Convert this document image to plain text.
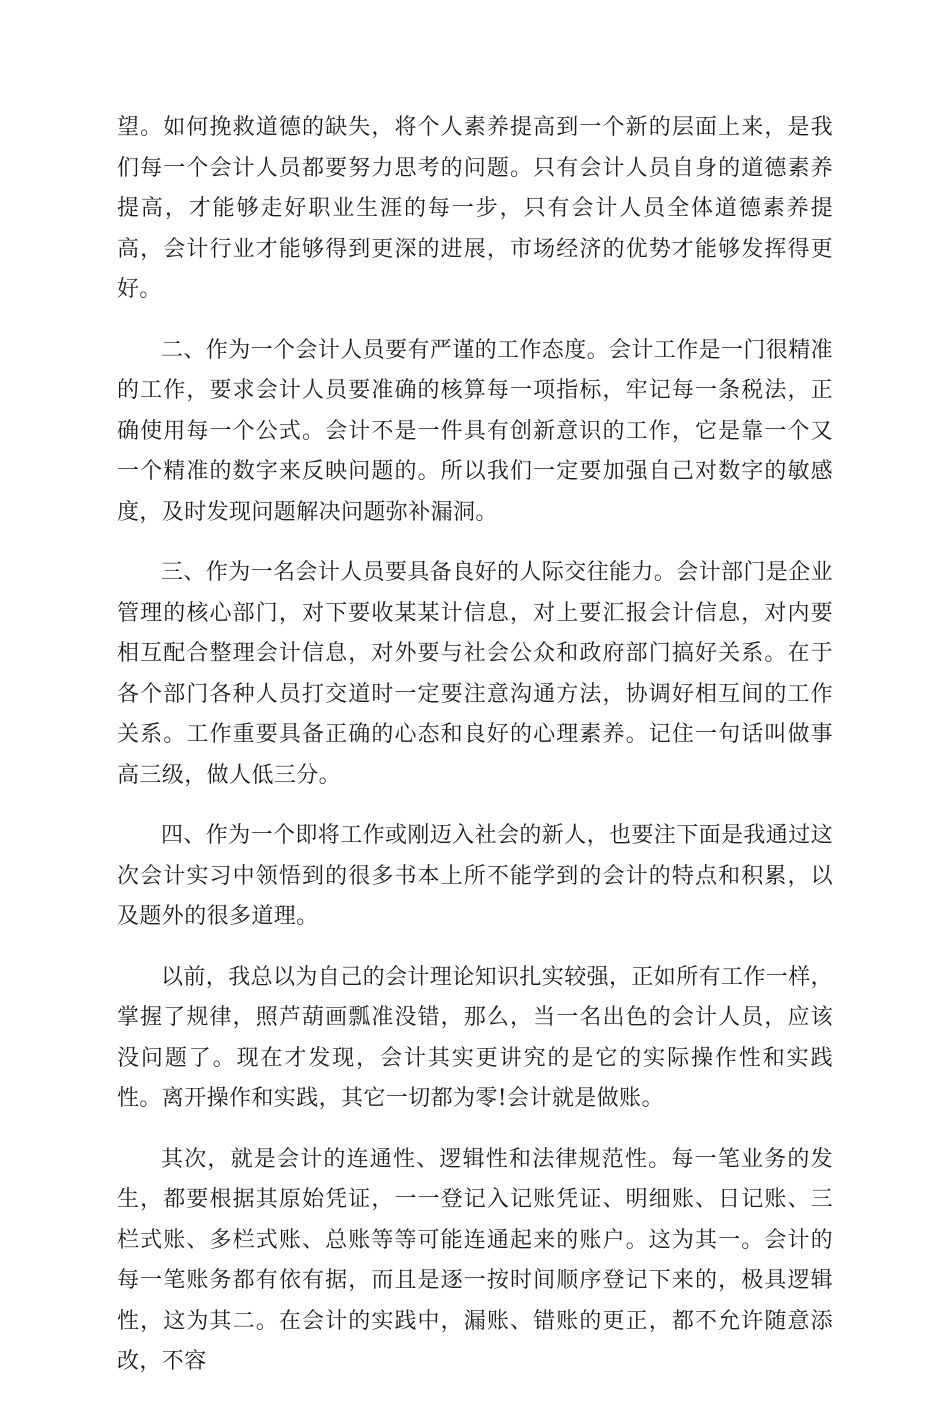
望。如何挽救道德的缺失，将个人素养提高到一个新的层面上来，是我们每一个会计人员都要努力思考的问题。只有会计人员自身的道德素养提高，才能够走好职业生涯的每一步，只有会计人员全体道德素养提高，会计行业才能够得到更深的进展，市场经济的优势才能够发挥得更好。

二、作为一个会计人员要有严谨的工作态度。会计工作是一门很精准的工作，要求会计人员要准确的核算每一项指标，牢记每一条税法，正确使用每一个公式。会计不是一件具有创新意识的工作，它是靠一个又一个精准的数字来反映问题的。所以我们一定要加强自己对数字的敏感度，及时发现问题解决问题弥补漏洞。

三、作为一名会计人员要具备良好的人际交往能力。会计部门是企业管理的核心部门，对下要收某某计信息，对上要汇报会计信息，对内要相互配合整理会计信息，对外要与社会公众和政府部门搞好关系。在于各个部门各种人员打交道时一定要注意沟通方法，协调好相互间的工作关系。工作重要具备正确的心态和良好的心理素养。记住一句话叫做事高三级，做人低三分。

四、作为一个即将工作或刚迈入社会的新人，也要注下面是我通过这次会计实习中领悟到的很多书本上所不能学到的会计的特点和积累，以及题外的很多道理。

以前，我总以为自己的会计理论知识扎实较强，正如所有工作一样，掌握了规律，照芦葫画瓢准没错，那么，当一名出色的会计人员，应该没问题了。现在才发现，会计其实更讲究的是它的实际操作性和实践性。离开操作和实践，其它一切都为零!会计就是做账。

其次，就是会计的连通性、逻辑性和法律规范性。每一笔业务的发生，都要根据其原始凭证，一一登记入记账凭证、明细账、日记账、三栏式账、多栏式账、总账等等可能连通起来的账户。这为其一。会计的每一笔账务都有依有据，而且是逐一按时间顺序登记下来的，极具逻辑性，这为其二。在会计的实践中，漏账、错账的更正，都不允许随意添改，不容
